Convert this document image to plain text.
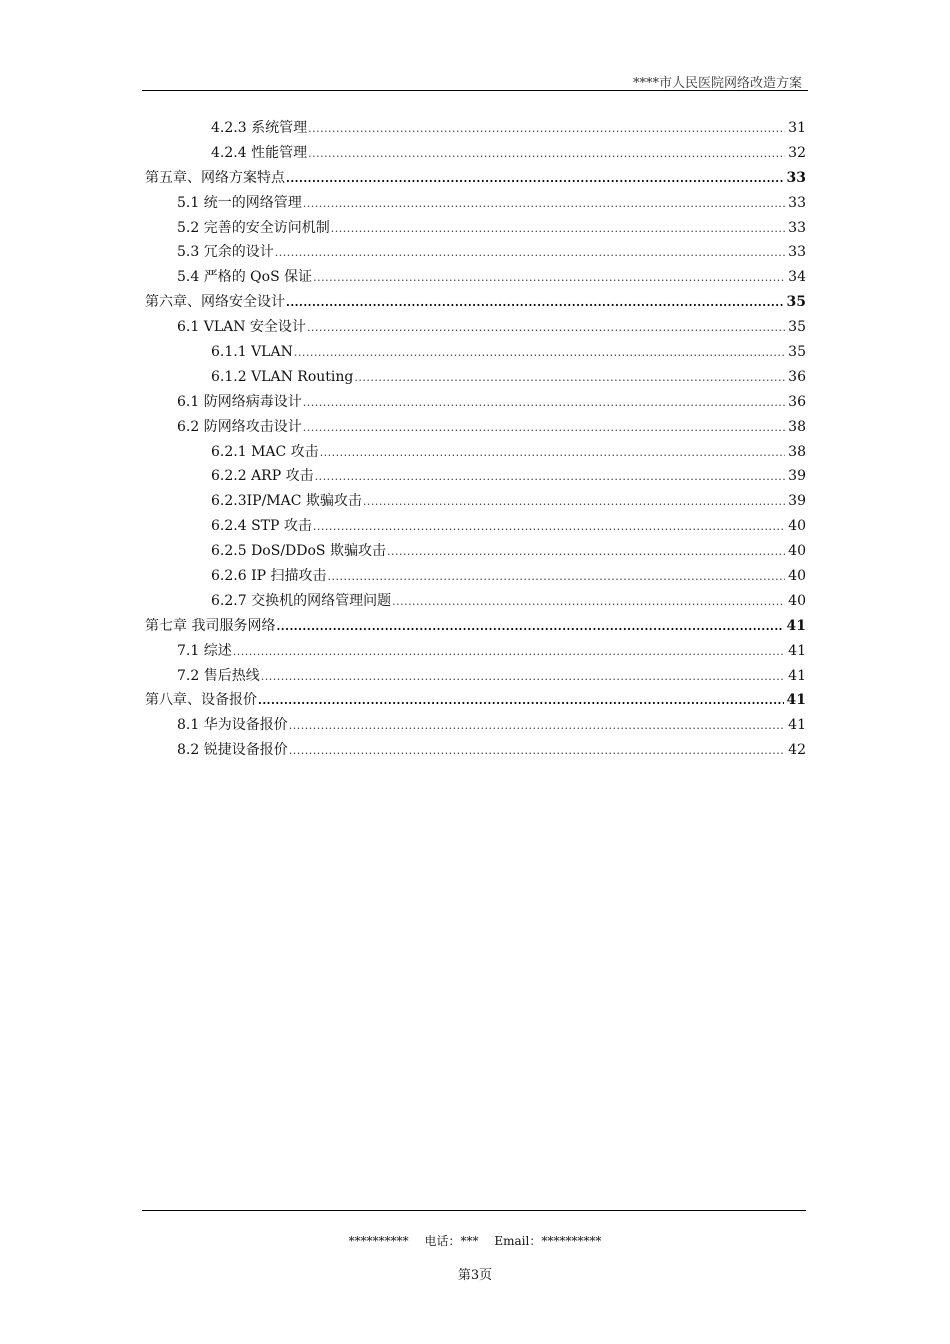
****市人民医院网络改造方案
4.2.3 系统管理 .....	31
4.2.4 性能管理 .....	32
第五章、网络方案特点 .....	33
5.1 统一的网络管理 .....	33
5.2 完善的安全访问机制 .....	33
5.3 冗余的设计 .....	33
5.4 严格的 QoS 保证 .....	34
第六章、网络安全设计 .....	35
6.1 VLAN 安全设计 .....	35
6.1.1 VLAN .....	35
6.1.2 VLAN Routing .....	36
6.1 防网络病毒设计 .....	36
6.2 防网络攻击设计 .....	38
6.2.1 MAC 攻击 .....	38
6.2.2 ARP 攻击 .....	39
6.2.3IP/MAC 欺骗攻击 .....	39
6.2.4 STP 攻击 .....	40
6.2.5 DoS/DDoS 欺骗攻击 .....	40
6.2.6 IP 扫描攻击 .....	40
6.2.7 交换机的网络管理问题 .....	40
第七章 我司服务网络 .....	41
7.1 综述 .....	41
7.2 售后热线 .....	41
第八章、设备报价 .....	41
8.1 华为设备报价 .....	41
8.2 锐捷设备报价 .....	42
********** 电话：*** Email：**********
第3页
